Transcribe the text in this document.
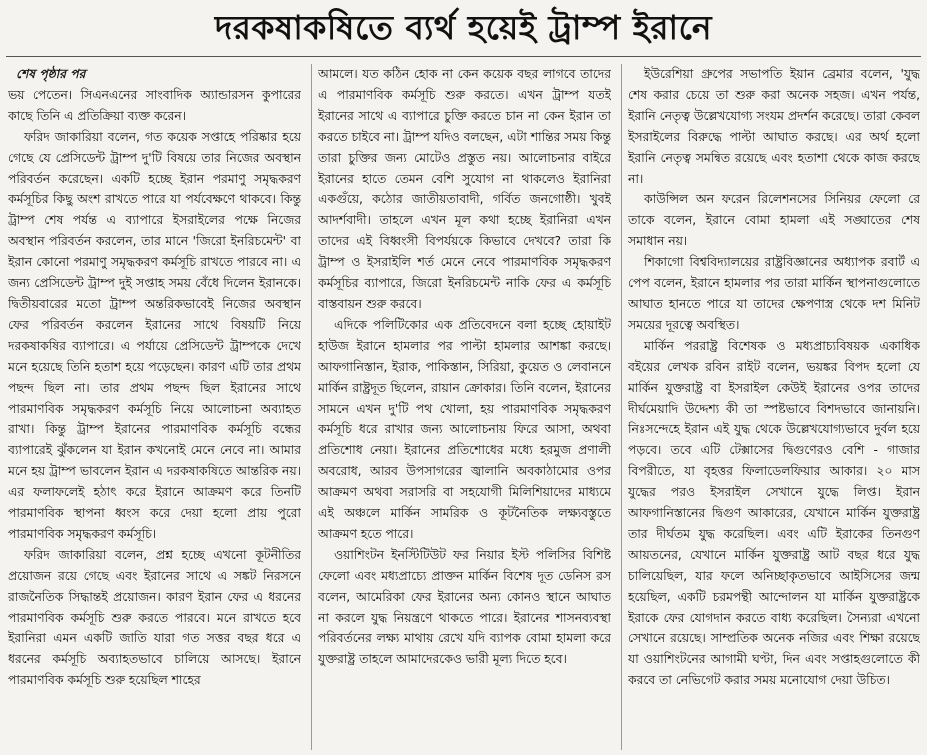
দরকষাকষিতে ব্যর্থ হয়েই ট্রাম্প ইরানে

শেষ পৃষ্ঠার পর
ভয় পেতেন। সিএনএনের সাংবাদিক অ্যান্ডারসন কুপারের কাছে তিনি এ প্রতিক্রিয়া ব্যক্ত করেন।

ফরিদ জাকারিয়া বলেন, গত কয়েক সপ্তাহে পরিষ্কার হয়ে গেছে যে প্রেসিডেন্ট ট্রাম্প দু'টি বিষয়ে তার নিজের অবস্থান পরিবর্তন করেছেন। একটি হচ্ছে ইরান পরমাণু সমৃদ্ধকরণ কর্মসূচির কিছু অংশ রাখতে পারে যা পর্যবেক্ষণে থাকবে। কিন্তু ট্রাম্প শেষ পর্যন্ত এ ব্যাপারে ইসরাইলের পক্ষে নিজের অবস্থান পরিবর্তন করলেন, তার মানে 'জিরো ইনরিচমেন্ট' বা ইরান কোনো পরমাণু সমৃদ্ধকরণ কর্মসূচি রাখতে পারবে না। এ জন্য প্রেসিডেন্ট ট্রাম্প দুই সপ্তাহ সময় বেঁধে দিলেন ইরানকে। দ্বিতীয়বারের মতো ট্রাম্প অন্তরিকভাবেই নিজের অবস্থান ফের পরিবর্তন করলেন ইরানের সাথে বিষয়টি নিয়ে দরকষাকষির ব্যাপারে। এ পর্যায়ে প্রেসিডেন্ট ট্রাম্পকে দেখে মনে হয়েছে তিনি হতাশ হয়ে পড়েছেন। কারণ এটি তার প্রথম পছন্দ ছিল না। তার প্রথম পছন্দ ছিল ইরানের সাথে পারমাণবিক সমৃদ্ধকরণ কর্মসূচি নিয়ে আলোচনা অব্যাহত রাখা। কিন্তু ট্রাম্প ইরানের পারমাণবিক কর্মসূচি বন্ধের ব্যাপারেই ঝুঁকলেন যা ইরান কখনোই মেনে নেবে না। আমার মনে হয় ট্রাম্প ভাবলেন ইরান এ দরকষাকষিতে আন্তরিক নয়। এর ফলাফলেই হঠাৎ করে ইরানে আক্রমণ করে তিনটি পারমাণবিক স্থাপনা ধ্বংস করে দেয়া হলো প্রায় পুরো পারমাণবিক সমৃদ্ধকরণ কর্মসূচি।

ফরিদ জাকারিয়া বলেন, প্রশ্ন হচ্ছে এখনো কূটনীতির প্রয়োজন রয়ে গেছে এবং ইরানের সাথে এ সঙ্কট নিরসনে রাজনৈতিক সিদ্ধান্তই প্রয়োজন। কারণ ইরান ফের এ ধরনের পারমাণবিক কর্মসূচি শুরু করতে পারবে। মনে রাখতে হবে ইরানিরা এমন একটি জাতি যারা গত সত্তর বছর ধরে এ ধরনের কর্মসূচি অব্যাহতভাবে চালিয়ে আসছে। ইরানে পারমাণবিক কর্মসূচি শুরু হয়েছিল শাহের

আমলে। যত কঠিন হোক না কেন কয়েক বছর লাগবে তাদের এ পারমাণবিক কর্মসূচি শুরু করতে। এখন ট্রাম্প যতই ইরানের সাথে এ ব্যাপারে চুক্তি করতে চান না কেন ইরান তা করতে চাইবে না। ট্রাম্প যদিও বলছেন, এটা শান্তির সময় কিন্তু তারা চুক্তির জন্য মোটেও প্রস্তুত নয়। আলোচনার বাইরে ইরানের হাতে তেমন বেশি সুযোগ না থাকলেও ইরানিরা একগুঁয়ে, কঠোর জাতীয়তাবাদী, গর্বিত জনগোষ্ঠী। খুবই আদর্শবাদী। তাহলে এখন মূল কথা হচ্ছে ইরানিরা এখন তাদের এই বিধ্বংসী বিপর্যয়কে কিভাবে দেখবে? তারা কি ট্রাম্প ও ইসরাইলি শর্ত মেনে নেবে পারমাণবিক সমৃদ্ধকরণ কর্মসূচির ব্যাপারে, জিরো ইনরিচমেন্ট নাকি ফের এ কর্মসূচি বাস্তবায়ন শুরু করবে।

এদিকে পলিটিকোর এক প্রতিবেদনে বলা হচ্ছে হোয়াইট হাউজ ইরানে হামলার পর পাল্টা হামলার আশঙ্কা করছে। আফগানিস্তান, ইরাক, পাকিস্তান, সিরিয়া, কুয়েত ও লেবাননে মার্কিন রাষ্ট্রদূত ছিলেন, রায়ান ক্রোকার। তিনি বলেন, ইরানের সামনে এখন দু'টি পথ খোলা, হয় পারমাণবিক সমৃদ্ধকরণ কর্মসূচি ধরে রাখার জন্য আলোচনায় ফিরে আসা, অথবা প্রতিশোধ নেয়া। ইরানের প্রতিশোধের মধ্যে হরমুজ প্রণালী অবরোধ, আরব উপসাগরের জ্বালানি অবকাঠামোর ওপর আক্রমণ অথবা সরাসরি বা সহযোগী মিলিশিয়াদের মাধ্যমে এই অঞ্চলে মার্কিন সামরিক ও কূটনৈতিক লক্ষ্যবস্তুতে আক্রমণ হতে পারে।

ওয়াশিংটন ইনস্টিটিউট ফর নিয়ার ইস্ট পলিসির বিশিষ্ট ফেলো এবং মধ্যপ্রাচ্যে প্রাক্তন মার্কিন বিশেষ দূত ডেনিস রস বলেন, আমেরিকা ফের ইরানের অন্য কোনও স্থানে আঘাত না করলে যুদ্ধ নিয়ন্ত্রণে থাকতে পারে। ইরানের শাসনব্যবস্থা পরিবর্তনের লক্ষ্য মাথায় রেখে যদি ব্যাপক বোমা হামলা করে যুক্তরাষ্ট্র তাহলে আমাদেরকেও ভারী মূল্য দিতে হবে।

ইউরেশিয়া গ্রুপের সভাপতি ইয়ান ব্রেমার বলেন, 'যুদ্ধ শেষ করার চেয়ে তা শুরু করা অনেক সহজ। এখন পর্যন্ত, ইরানি নেতৃত্ব উল্লেখযোগ্য সংযম প্রদর্শন করেছে। তারা কেবল ইসরাইলের বিরুদ্ধে পাল্টা আঘাত করছে। এর অর্থ হলো ইরানি নেতৃত্ব সমন্বিত রয়েছে এবং হতাশা থেকে কাজ করছে না।

কাউন্সিল অন ফরেন রিলেশনসের সিনিয়র ফেলো রে তাকে বলেন, ইরানে বোমা হামলা এই সঙ্ঘাতের শেষ সমাধান নয়।

শিকাগো বিশ্ববিদ্যালয়ের রাষ্ট্রবিজ্ঞানের অধ্যাপক রবার্ট এ পেপ বলেন, ইরানে হামলার পর তারা মার্কিন স্থাপনাগুলোতে আঘাত হানতে পারে যা তাদের ক্ষেপণাস্ত্র থেকে দশ মিনিট সময়ের দূরত্বে অবস্থিত।

মার্কিন পররাষ্ট্র বিশেষক ও মধ্যপ্রাচ্যবিষয়ক একাধিক বইয়ের লেখক রবিন রাইট বলেন, ভয়ঙ্কর বিপদ হলো যে মার্কিন যুক্তরাষ্ট্র বা ইসরাইল কেউই ইরানের ওপর তাদের দীর্ঘমেয়াদি উদ্দেশ্য কী তা স্পষ্টভাবে বিশদভাবে জানায়নি। নিঃসন্দেহে ইরান এই যুদ্ধ থেকে উল্লেখযোগ্যভাবে দুর্বল হয়ে পড়বে। তবে এটি টেক্সাসের দ্বিগুণেরও বেশি - গাজার বিপরীতে, যা বৃহত্তর ফিলাডেলফিয়ার আকার। ২০ মাস যুদ্ধের পরও ইসরাইল সেখানে যুদ্ধে লিপ্ত। ইরান আফগানিস্তানের দ্বিগুণ আকারের, যেখানে মার্কিন যুক্তরাষ্ট্র তার দীর্ঘতম যুদ্ধ করেছিল। এবং এটি ইরাকের তিনগুণ আয়তনের, যেখানে মার্কিন যুক্তরাষ্ট্র আট বছর ধরে যুদ্ধ চালিয়েছিল, যার ফলে অনিচ্ছাকৃতভাবে আইসিসের জন্ম হয়েছিল, একটি চরমপন্থী আন্দোলন যা মার্কিন যুক্তরাষ্ট্রকে ইরাকে ফের যোগদান করতে বাধ্য করেছিল। সৈন্যরা এখনো সেখানে রয়েছে। সাম্প্রতিক অনেক নজির এবং শিক্ষা রয়েছে যা ওয়াশিংটনের আগামী ঘণ্টা, দিন এবং সপ্তাহগুলোতে কী করবে তা নেভিগেট করার সময় মনোযোগ দেয়া উচিত।
